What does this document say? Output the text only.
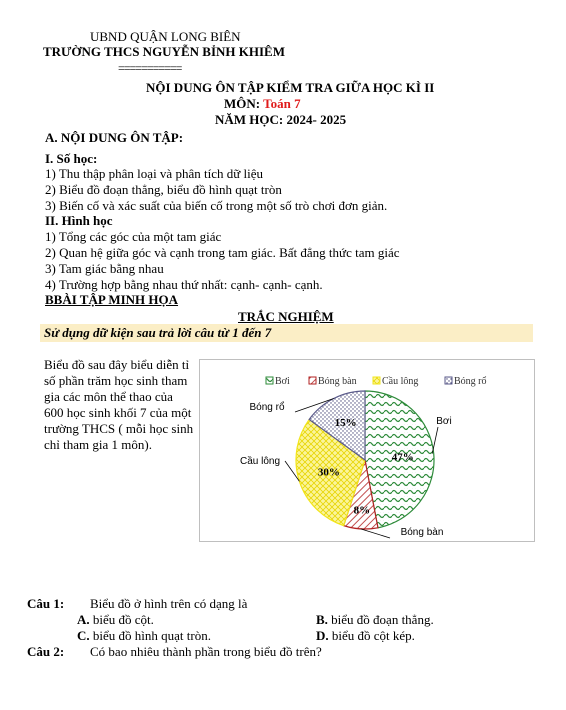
UBND QUẬN LONG BIÊN
TRƯỜNG THCS NGUYỄN BỈNH KHIÊM
===========
NỘI DUNG ÔN TẬP KIỂM TRA GIỮA HỌC KÌ II
MÔN: Toán 7
NĂM HỌC: 2024- 2025
A. NỘI DUNG ÔN TẬP:
I. Số học:
1) Thu thập phân loại và phân tích dữ liệu
2) Biểu đồ đoạn thẳng, biểu đồ hình quạt tròn
3) Biến cố và xác suất của biến cố trong một số trò chơi đơn giản.
II. Hình học
1) Tổng các góc của một tam giác
2) Quan hệ giữa góc và cạnh trong tam giác. Bất đẳng thức tam giác
3) Tam giác bằng nhau
4) Trường hợp bằng nhau thứ nhất: cạnh- cạnh- cạnh.
BBÀI TẬP MINH HỌA
TRẮC NGHIỆM
Sử dụng dữ kiện sau trả lời câu từ 1 đến 7
Biểu đồ sau đây biểu diễn tỉ số phần trăm học sinh tham gia các môn thể thao của 600 học sinh khối 7 của một trường THCS ( mỗi học sinh chỉ tham gia 1 môn).
Bơi	Bóng bàn	Cầu lông	Bóng rổ
47%
8%
30%
15%	Bơi
Bóng bàn
Cầu lông
Bóng rổ
Câu 1: Biểu đồ ở hình trên có dạng là
A. biểu đồ cột.	B. biểu đồ đoạn thẳng.
C. biểu đồ hình quạt tròn.	D. biểu đồ cột kép.
Câu 2: Có bao nhiêu thành phần trong biểu đồ trên?
